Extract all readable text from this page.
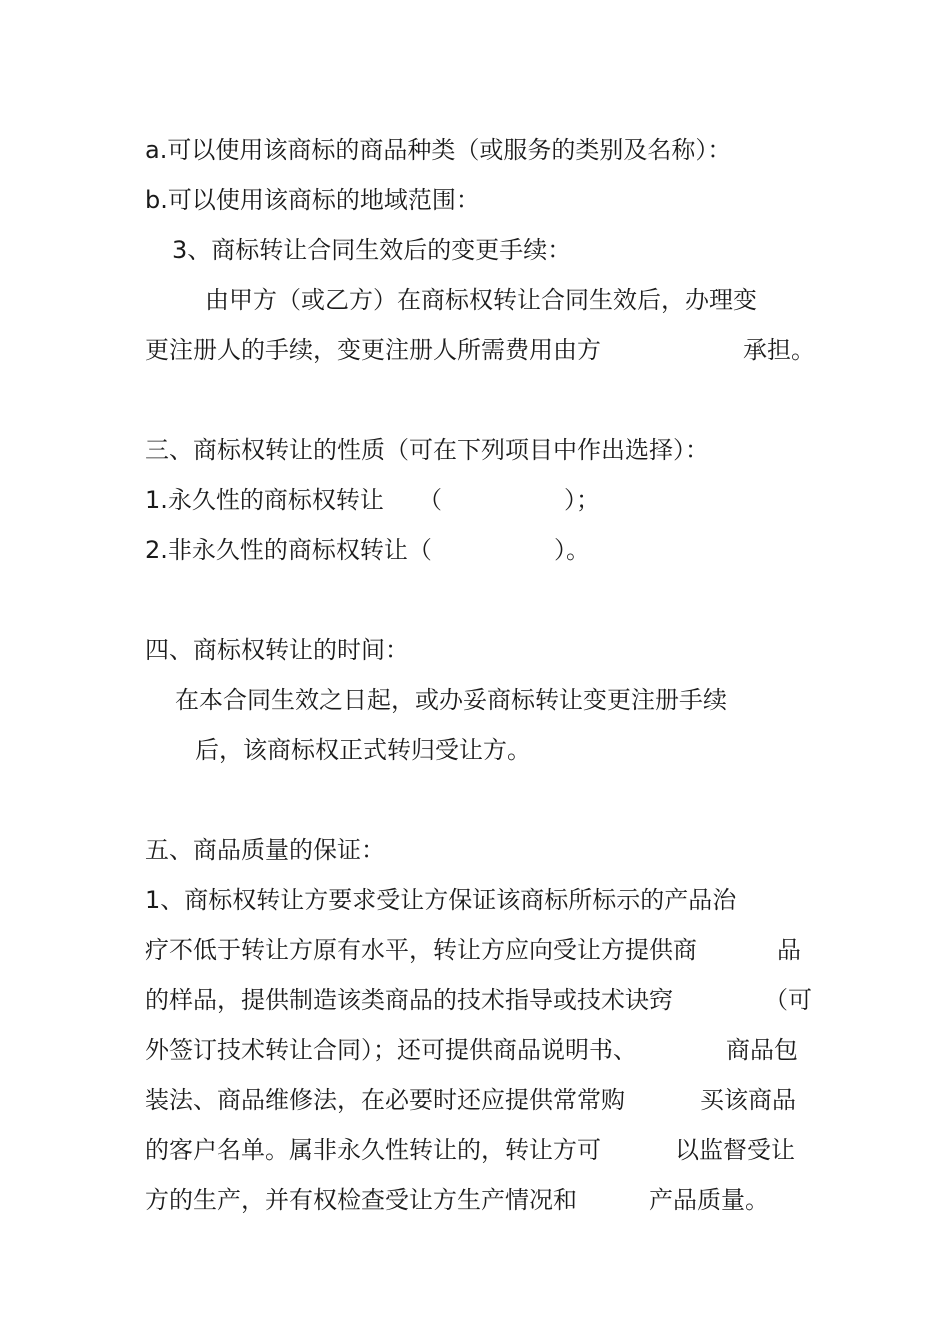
a.可以使用该商标的商品种类（或服务的类别及名称）：
b.可以使用该商标的地域范围：
3、商标转让合同生效后的变更手续：
由甲方（或乙方）在商标权转让合同生效后，办理变
更注册人的手续，变更注册人所需费用由方	承担。
三、商标权转让的性质（可在下列项目中作出选择）：
1.永久性的商标权转让 （                ）；
2.非永久性的商标权转让（                ）。
四、商标权转让的时间：
在本合同生效之日起，或办妥商标转让变更注册手续
后，该商标权正式转归受让方。
五、商品质量的保证：
1、商标权转让方要求受让方保证该商标所标示的产品治
疗不低于转让方原有水平，转让方应向受让方提供商	品
的样品，提供制造该类商品的技术指导或技术诀窍	（可
外签订技术转让合同）；还可提供商品说明书、	商品包
装法、商品维修法，在必要时还应提供常常购	买该商品
的客户名单。属非永久性转让的，转让方可	以监督受让
方的生产，并有权检查受让方生产情况和	产品质量。
